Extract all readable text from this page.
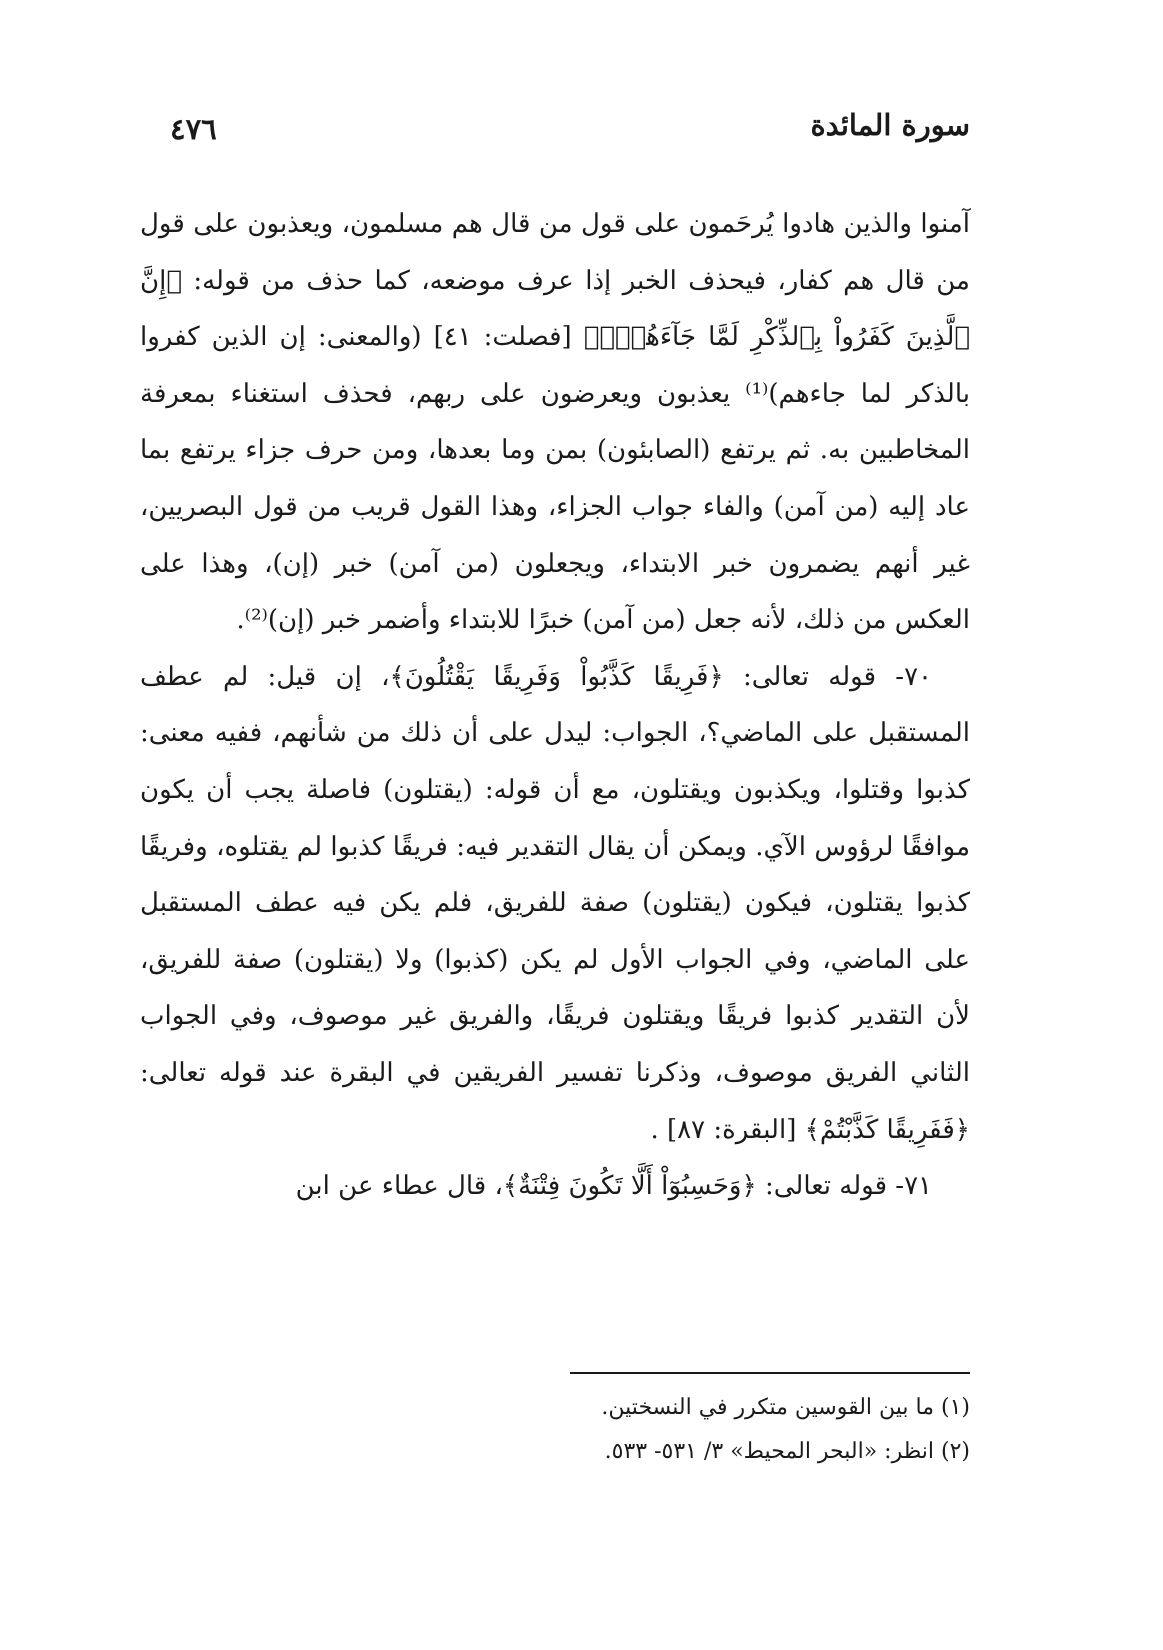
سورة المائدة
٤٧٦

آمنوا والذين هادوا يُرحَمون على قول من قال هم مسلمون، ويعذبون على قول من قال هم كفار، فيحذف الخبر إذا عرف موضعه، كما حذف من قوله: ﴿إِنَّ ٱلَّذِينَ كَفَرُواْ بِٱلذِّكْرِ لَمَّا جَآءَهُمْۖ﴾ [فصلت: ٤١] (والمعنى: إن الذين كفروا بالذكر لما جاءهم)⁽¹⁾ يعذبون ويعرضون على ربهم، فحذف استغناء بمعرفة المخاطبين به. ثم يرتفع (الصابئون) بمن وما بعدها، ومن حرف جزاء يرتفع بما عاد إليه (من آمن) والفاء جواب الجزاء، وهذا القول قريب من قول البصريين، غير أنهم يضمرون خبر الابتداء، ويجعلون (من آمن) خبر (إن)، وهذا على العكس من ذلك، لأنه جعل (من آمن) خبرًا للابتداء وأضمر خبر (إن)⁽²⁾.

٧٠- قوله تعالى: ﴿فَرِيقًا كَذَّبُواْ وَفَرِيقًا يَقْتُلُونَ﴾، إن قيل: لم عطف المستقبل على الماضي؟، الجواب: ليدل على أن ذلك من شأنهم، ففيه معنى: كذبوا وقتلوا، ويكذبون ويقتلون، مع أن قوله: (يقتلون) فاصلة يجب أن يكون موافقًا لرؤوس الآي. ويمكن أن يقال التقدير فيه: فريقًا كذبوا لم يقتلوه، وفريقًا كذبوا يقتلون، فيكون (يقتلون) صفة للفريق، فلم يكن فيه عطف المستقبل على الماضي، وفي الجواب الأول لم يكن (كذبوا) ولا (يقتلون) صفة للفريق، لأن التقدير كذبوا فريقًا ويقتلون فريقًا، والفريق غير موصوف، وفي الجواب الثاني الفريق موصوف، وذكرنا تفسير الفريقين في البقرة عند قوله تعالى: ﴿فَفَرِيقًا كَذَّبْتُمْ﴾ [البقرة: ٨٧] .

٧١- قوله تعالى: ﴿وَحَسِبُوٓاْ أَلَّا تَكُونَ فِتْنَةٌ﴾، قال عطاء عن ابن

(١) ما بين القوسين متكرر في النسختين.

(٢) انظر: «البحر المحيط» ٣/ ٥٣١- ٥٣٣.
